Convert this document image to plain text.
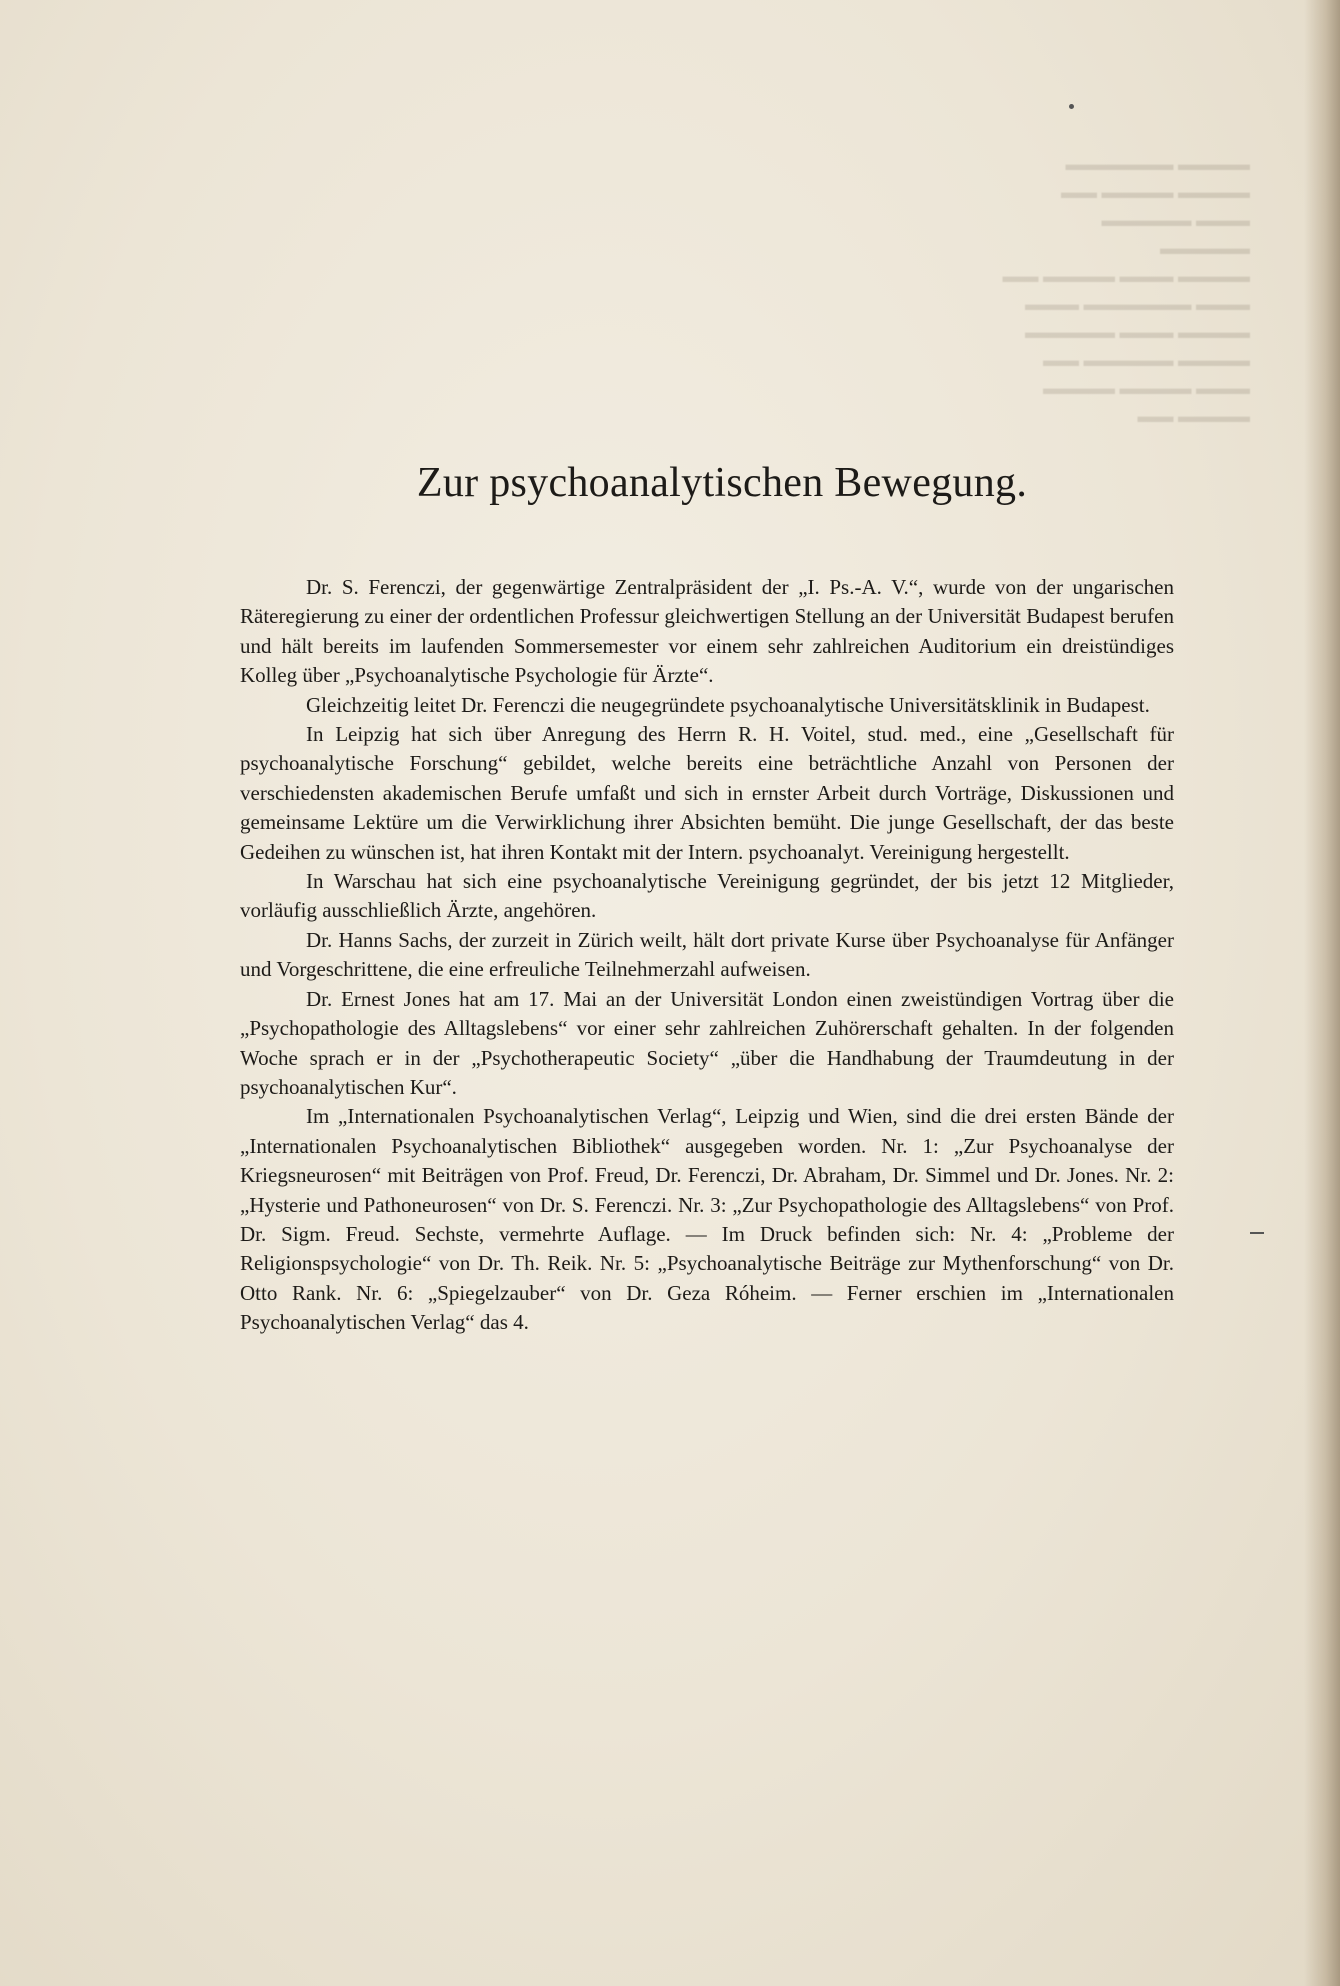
▬▬▬▬ ▬▬▬▬▬▬
▬▬▬▬ ▬▬▬▬ ▬▬
▬▬▬ ▬▬▬▬▬
▬▬▬▬▬
▬▬▬▬ ▬▬▬ ▬▬▬▬ ▬▬
▬▬▬ ▬▬▬▬▬▬ ▬▬▬
▬▬▬▬ ▬▬▬ ▬▬▬▬▬
▬▬▬▬ ▬▬▬▬▬ ▬▬
▬▬▬ ▬▬▬▬ ▬▬▬▬
▬▬▬▬ ▬▬
Zur psychoanalytischen Bewegung.

Dr. S. Ferenczi, der gegenwärtige Zentralpräsident der „I. Ps.-A. V.“, wurde von der ungarischen Räteregierung zu einer der ordentlichen Professur gleichwertigen Stellung an der Universität Budapest berufen und hält bereits im laufenden Sommersemester vor einem sehr zahlreichen Auditorium ein dreistündiges Kolleg über „Psychoanalytische Psychologie für Ärzte“.

Gleichzeitig leitet Dr. Ferenczi die neugegründete psychoanalytische Universitätsklinik in Budapest.

In Leipzig hat sich über Anregung des Herrn R. H. Voitel, stud. med., eine „Gesellschaft für psychoanalytische Forschung“ gebildet, welche bereits eine beträchtliche Anzahl von Personen der verschiedensten akademischen Berufe umfaßt und sich in ernster Arbeit durch Vorträge, Diskussionen und gemeinsame Lektüre um die Verwirklichung ihrer Absichten bemüht. Die junge Gesellschaft, der das beste Gedeihen zu wünschen ist, hat ihren Kontakt mit der Intern. psychoanalyt. Vereinigung hergestellt.

In Warschau hat sich eine psychoanalytische Vereinigung gegründet, der bis jetzt 12 Mitglieder, vorläufig ausschließlich Ärzte, angehören.

Dr. Hanns Sachs, der zurzeit in Zürich weilt, hält dort private Kurse über Psychoanalyse für Anfänger und Vorgeschrittene, die eine erfreuliche Teilnehmerzahl aufweisen.

Dr. Ernest Jones hat am 17. Mai an der Universität London einen zweistündigen Vortrag über die „Psychopathologie des Alltagslebens“ vor einer sehr zahlreichen Zuhörerschaft gehalten. In der folgenden Woche sprach er in der „Psychotherapeutic Society“ „über die Handhabung der Traumdeutung in der psychoanalytischen Kur“.

Im „Internationalen Psychoanalytischen Verlag“, Leipzig und Wien, sind die drei ersten Bände der „Internationalen Psychoanalytischen Bibliothek“ ausgegeben worden. Nr. 1: „Zur Psychoanalyse der Kriegsneurosen“ mit Beiträgen von Prof. Freud, Dr. Ferenczi, Dr. Abraham, Dr. Simmel und Dr. Jones. Nr. 2: „Hysterie und Pathoneurosen“ von Dr. S. Ferenczi. Nr. 3: „Zur Psychopathologie des Alltagslebens“ von Prof. Dr. Sigm. Freud. Sechste, vermehrte Auflage. — Im Druck befinden sich: Nr. 4: „Probleme der Religionspsychologie“ von Dr. Th. Reik. Nr. 5: „Psychoanalytische Beiträge zur Mythenforschung“ von Dr. Otto Rank. Nr. 6: „Spiegelzauber“ von Dr. Geza Róheim. — Ferner erschien im „Internationalen Psychoanalytischen Verlag“ das 4.
